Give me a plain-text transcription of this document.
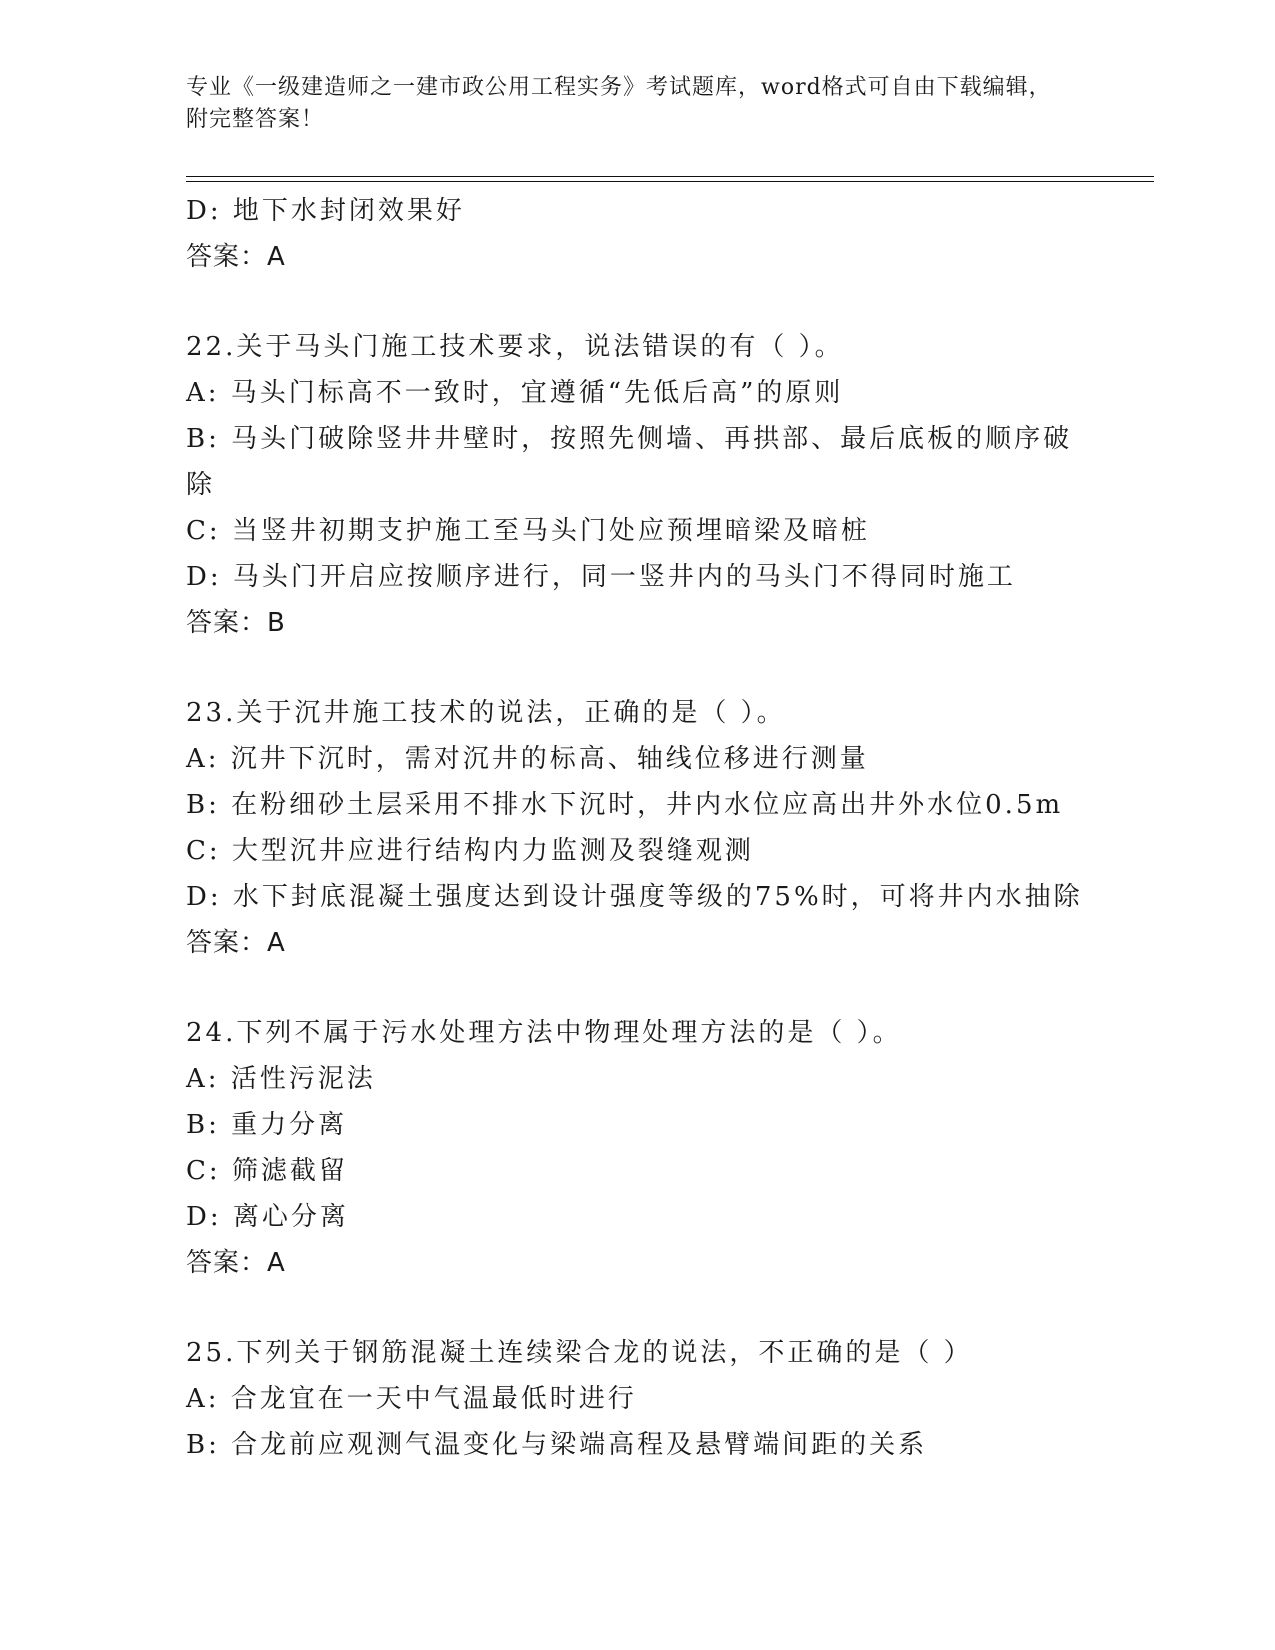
专业《一级建造师之一建市政公用工程实务》考试题库，word格式可自由下载编辑，附完整答案！
D: 地下水封闭效果好
答案：A
22.关于马头门施工技术要求，说法错误的有（ ）。
A: 马头门标高不一致时，宜遵循“先低后高”的原则
B: 马头门破除竖井井壁时，按照先侧墙、再拱部、最后底板的顺序破除
C: 当竖井初期支护施工至马头门处应预埋暗梁及暗桩
D: 马头门开启应按顺序进行，同一竖井内的马头门不得同时施工
答案：B
23.关于沉井施工技术的说法，正确的是（ ）。
A: 沉井下沉时，需对沉井的标高、轴线位移进行测量
B: 在粉细砂土层采用不排水下沉时，井内水位应高出井外水位0.5m
C: 大型沉井应进行结构内力监测及裂缝观测
D: 水下封底混凝土强度达到设计强度等级的75%时，可将井内水抽除
答案：A
24.下列不属于污水处理方法中物理处理方法的是（ ）。
A: 活性污泥法
B: 重力分离
C: 筛滤截留
D: 离心分离
答案：A
25.下列关于钢筋混凝土连续梁合龙的说法，不正确的是（ ）
A: 合龙宜在一天中气温最低时进行
B: 合龙前应观测气温变化与梁端高程及悬臂端间距的关系
